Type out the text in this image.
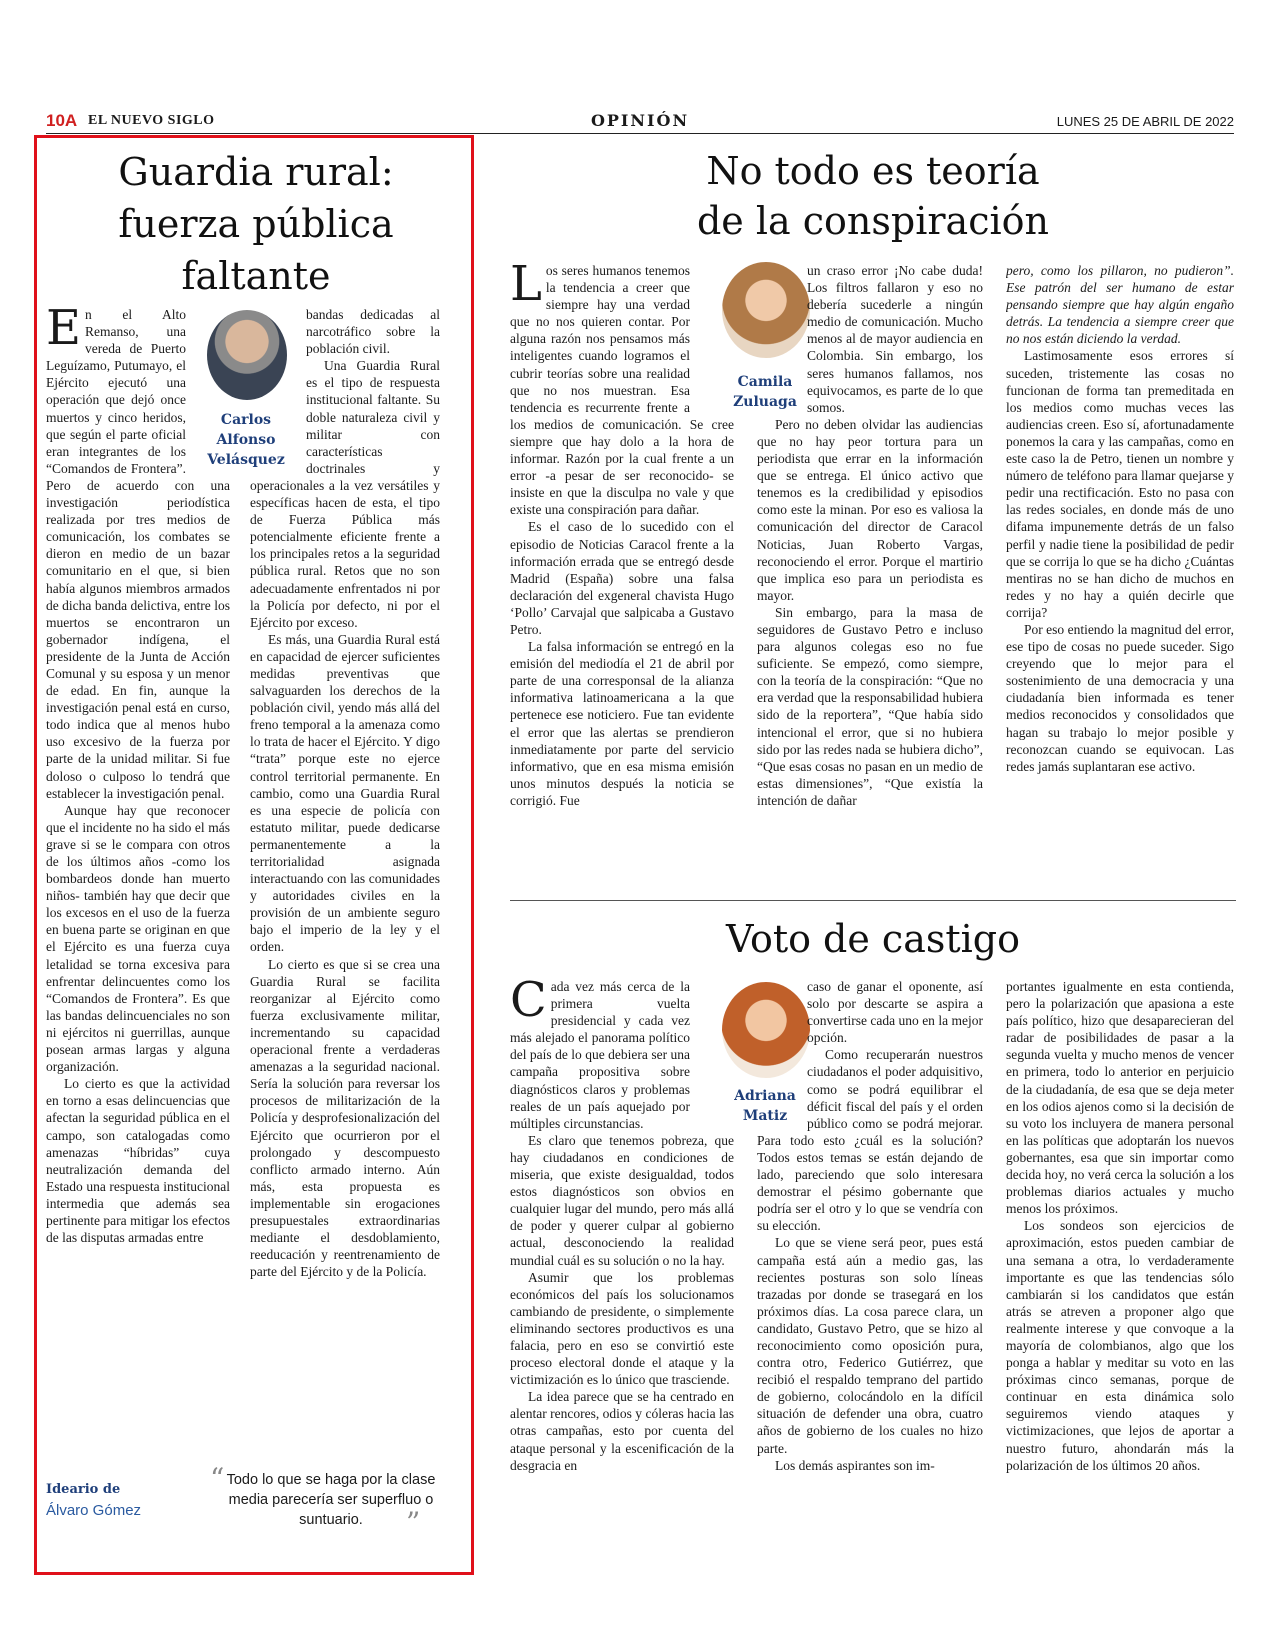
10A EL NUEVO SIGLO	OPINIÓN	LUNES 25 DE ABRIL DE 2022
Guardia rural:
fuerza pública
faltante
Carlos
Alfonso
Velásquez

En el Alto Remanso, una vereda de Puerto Leguízamo, Putumayo, el Ejército ejecutó una operación que dejó once muertos y cinco heridos, que según el parte oficial eran integrantes de los “Comandos de Frontera”. Pero de acuerdo con una investigación periodística realizada por tres medios de comunicación, los combates se dieron en medio de un bazar comunitario en el que, si bien había algunos miembros armados de dicha banda delictiva, entre los muertos se encontraron un gobernador indígena, el presidente de la Junta de Acción Comunal y su esposa y un menor de edad. En fin, aunque la investigación penal está en curso, todo indica que al menos hubo uso excesivo de la fuerza por parte de la unidad militar. Si fue doloso o culposo lo tendrá que establecer la investigación penal.

Aunque hay que reconocer que el incidente no ha sido el más grave si se le compara con otros de los últimos años -como los bombardeos donde han muerto niños- también hay que decir que los excesos en el uso de la fuerza en buena parte se originan en que el Ejército es una fuerza cuya letalidad se torna excesiva para enfrentar delincuentes como los “Comandos de Frontera”. Es que las bandas delincuenciales no son ni ejércitos ni guerrillas, aunque posean armas largas y alguna organización.

Lo cierto es que la actividad en torno a esas delincuencias que afectan la seguridad pública en el campo, son catalogadas como amenazas “híbridas” cuya neutralización demanda del Estado una respuesta institucional intermedia que además sea pertinente para mitigar los efectos de las disputas armadas entre

bandas dedicadas al narcotráfico sobre la población civil.

Una Guardia Rural es el tipo de respuesta institucional faltante. Su doble naturaleza civil y militar con características doctrinales y operacionales a la vez versátiles y específicas hacen de esta, el tipo de Fuerza Pública más potencialmente eficiente frente a los principales retos a la seguridad pública rural. Retos que no son adecuadamente enfrentados ni por la Policía por defecto, ni por el Ejército por exceso.

Es más, una Guardia Rural está en capacidad de ejercer suficientes medidas preventivas que salvaguarden los derechos de la población civil, yendo más allá del freno temporal a la amenaza como lo trata de hacer el Ejército. Y digo “trata” porque este no ejerce control territorial permanente. En cambio, como una Guardia Rural es una especie de policía con estatuto militar, puede dedicarse permanentemente a la territorialidad asignada interactuando con las comunidades y autoridades civiles en la provisión de un ambiente seguro bajo el imperio de la ley y el orden.

Lo cierto es que si se crea una Guardia Rural se facilita reorganizar al Ejército como fuerza exclusivamente militar, incrementando su capacidad operacional frente a verdaderas amenazas a la seguridad nacional. Sería la solución para reversar los procesos de militarización de la Policía y desprofesionalización del Ejército que ocurrieron por el prolongado y descompuesto conflicto armado interno. Aún más, esta propuesta es implementable sin erogaciones presupuestales extraordinarias mediante el desdoblamiento, reeducación y reentrenamiento de parte del Ejército y de la Policía.

Ideario de
Álvaro Gómez
“ Todo lo que se haga por la clase media parecería ser superfluo o suntuario.	”
No todo es teoría
de la conspiración
Camila
Zuluaga

Los seres humanos tenemos la tendencia a creer que siempre hay una verdad que no nos quieren contar. Por alguna razón nos pensamos más inteligentes cuando logramos el cubrir teorías sobre una realidad que no nos muestran. Esa tendencia es recurrente frente a los medios de comunicación. Se cree siempre que hay dolo a la hora de informar. Razón por la cual frente a un error -a pesar de ser reconocido- se insiste en que la disculpa no vale y que existe una conspiración para dañar.

Es el caso de lo sucedido con el episodio de Noticias Caracol frente a la información errada que se entregó desde Madrid (España) sobre una falsa declaración del exgeneral chavista Hugo ‘Pollo’ Carvajal que salpicaba a Gustavo Petro.

La falsa información se entregó en la emisión del mediodía el 21 de abril por parte de una corresponsal de la alianza informativa latinoamericana a la que pertenece ese noticiero. Fue tan evidente el error que las alertas se prendieron inmediatamente por parte del servicio informativo, que en esa misma emisión unos minutos después la noticia se corrigió. Fue

un craso error ¡No cabe duda! Los filtros fallaron y eso no debería sucederle a ningún medio de comunicación. Mucho menos al de mayor audiencia en Colombia. Sin embargo, los seres humanos fallamos, nos equivocamos, es parte de lo que somos.

Pero no deben olvidar las audiencias que no hay peor tortura para un periodista que errar en la información que se entrega. El único activo que tenemos es la credibilidad y episodios como este la minan. Por eso es valiosa la comunicación del director de Caracol Noticias, Juan Roberto Vargas, reconociendo el error. Porque el martirio que implica eso para un periodista es mayor.

Sin embargo, para la masa de seguidores de Gustavo Petro e incluso para algunos colegas eso no fue suficiente. Se empezó, como siempre, con la teoría de la conspiración: “Que no era verdad que la responsabilidad hubiera sido de la reportera”, “Que había sido intencional el error, que si no hubiera sido por las redes nada se hubiera dicho”, “Que esas cosas no pasan en un medio de estas dimensiones”, “Que existía la intención de dañar

pero, como los pillaron, no pudieron”. Ese patrón del ser humano de estar pensando siempre que hay algún engaño detrás. La tendencia a siempre creer que no nos están diciendo la verdad.

Lastimosamente esos errores sí suceden, tristemente las cosas no funcionan de forma tan premeditada en los medios como muchas veces las audiencias creen. Eso sí, afortunadamente ponemos la cara y las campañas, como en este caso la de Petro, tienen un nombre y número de teléfono para llamar quejarse y pedir una rectificación. Esto no pasa con las redes sociales, en donde más de uno difama impunemente detrás de un falso perfil y nadie tiene la posibilidad de pedir que se corrija lo que se ha dicho ¿Cuántas mentiras no se han dicho de muchos en redes y no hay a quién decirle que corrija?

Por eso entiendo la magnitud del error, ese tipo de cosas no puede suceder. Sigo creyendo que lo mejor para el sostenimiento de una democracia y una ciudadanía bien informada es tener medios reconocidos y consolidados que hagan su trabajo lo mejor posible y reconozcan cuando se equivocan. Las redes jamás suplantaran ese activo.

Voto de castigo
Adriana
Matiz

Cada vez más cerca de la primera vuelta presidencial y cada vez más alejado el panorama político del país de lo que debiera ser una campaña propositiva sobre diagnósticos claros y problemas reales de un país aquejado por múltiples circunstancias.

Es claro que tenemos pobreza, que hay ciudadanos en condiciones de miseria, que existe desigualdad, todos estos diagnósticos son obvios en cualquier lugar del mundo, pero más allá de poder y querer culpar al gobierno actual, desconociendo la realidad mundial cuál es su solución o no la hay.

Asumir que los problemas económicos del país los solucionamos cambiando de presidente, o simplemente eliminando sectores productivos es una falacia, pero en eso se convirtió este proceso electoral donde el ataque y la victimización es lo único que trasciende.

La idea parece que se ha centrado en alentar rencores, odios y cóleras hacia las otras campañas, esto por cuenta del ataque personal y la escenificación de la desgracia en

caso de ganar el oponente, así solo por descarte se aspira a convertirse cada uno en la mejor opción.

Como recuperarán nuestros ciudadanos el poder adquisitivo, como se podrá equilibrar el déficit fiscal del país y el orden público como se podrá mejorar. Para todo esto ¿cuál es la solución? Todos estos temas se están dejando de lado, pareciendo que solo interesara demostrar el pésimo gobernante que podría ser el otro y lo que se vendría con su elección.

Lo que se viene será peor, pues está campaña está aún a medio gas, las recientes posturas son solo líneas trazadas por donde se trasegará en los próximos días. La cosa parece clara, un candidato, Gustavo Petro, que se hizo al reconocimiento como oposición pura, contra otro, Federico Gutiérrez, que recibió el respaldo temprano del partido de gobierno, colocándolo en la difícil situación de defender una obra, cuatro años de gobierno de los cuales no hizo parte.

Los demás aspirantes son im-

portantes igualmente en esta contienda, pero la polarización que apasiona a este país político, hizo que desaparecieran del radar de posibilidades de pasar a la segunda vuelta y mucho menos de vencer en primera, todo lo anterior en perjuicio de la ciudadanía, de esa que se deja meter en los odios ajenos como si la decisión de su voto los incluyera de manera personal en las políticas que adoptarán los nuevos gobernantes, esa que sin importar como decida hoy, no verá cerca la solución a los problemas diarios actuales y mucho menos los próximos.

Los sondeos son ejercicios de aproximación, estos pueden cambiar de una semana a otra, lo verdaderamente importante es que las tendencias sólo cambiarán si los candidatos que están atrás se atreven a proponer algo que realmente interese y que convoque a la mayoría de colombianos, algo que los ponga a hablar y meditar su voto en las próximas cinco semanas, porque de continuar en esta dinámica solo seguiremos viendo ataques y victimizaciones, que lejos de aportar a nuestro futuro, ahondarán más la polarización de los últimos 20 años.
